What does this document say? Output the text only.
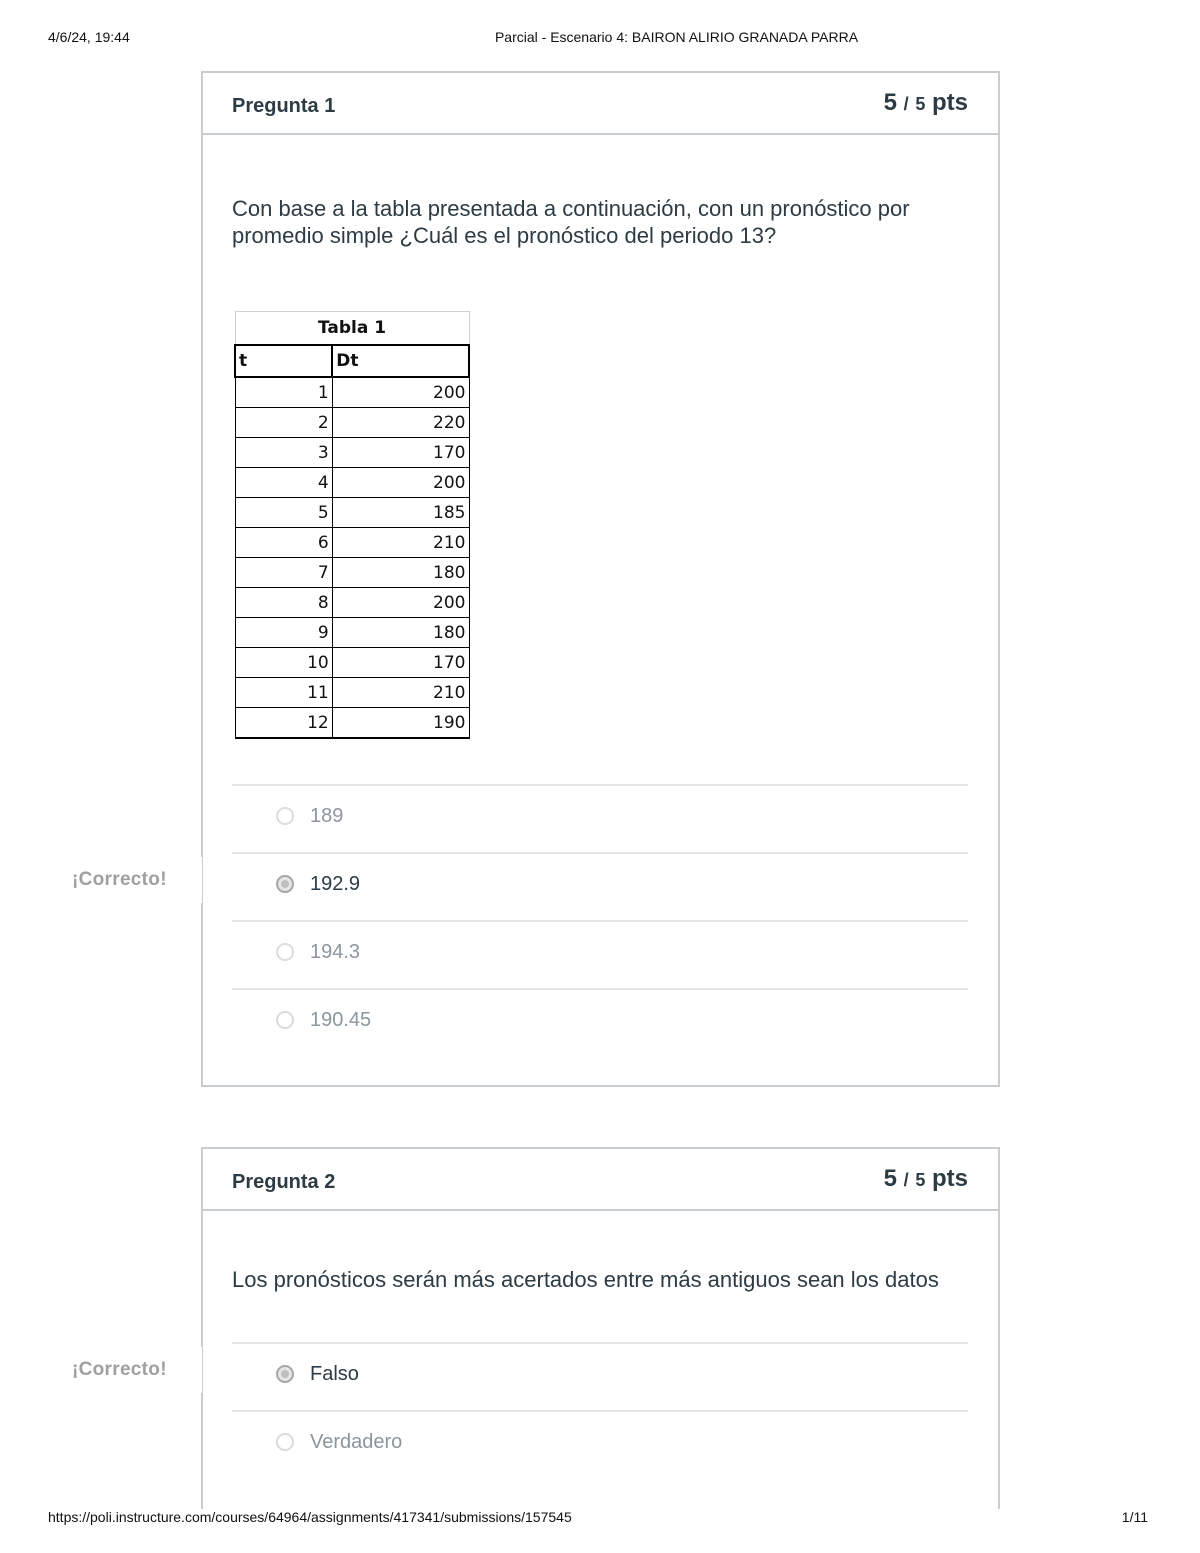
4/6/24, 19:44	Parcial - Escenario 4: BAIRON ALIRIO GRANADA PARRA
Pregunta 1	5 / 5 pts
Con base a la tabla presentada a continuación, con un pronóstico por promedio simple ¿Cuál es el pronóstico del periodo 13?
Tabla 1	
t	Dt
1	200
2	220
3	170
4	200
5	185
6	210
7	180
8	200
9	180
10	170
11	210
12	190
189
192.9
194.3
190.45
Pregunta 2	5 / 5 pts
Los pronósticos serán más acertados entre más antiguos sean los datos
Falso
Verdadero
¡Correcto!
¡Correcto!
https://poli.instructure.com/courses/64964/assignments/417341/submissions/157545	1/11
